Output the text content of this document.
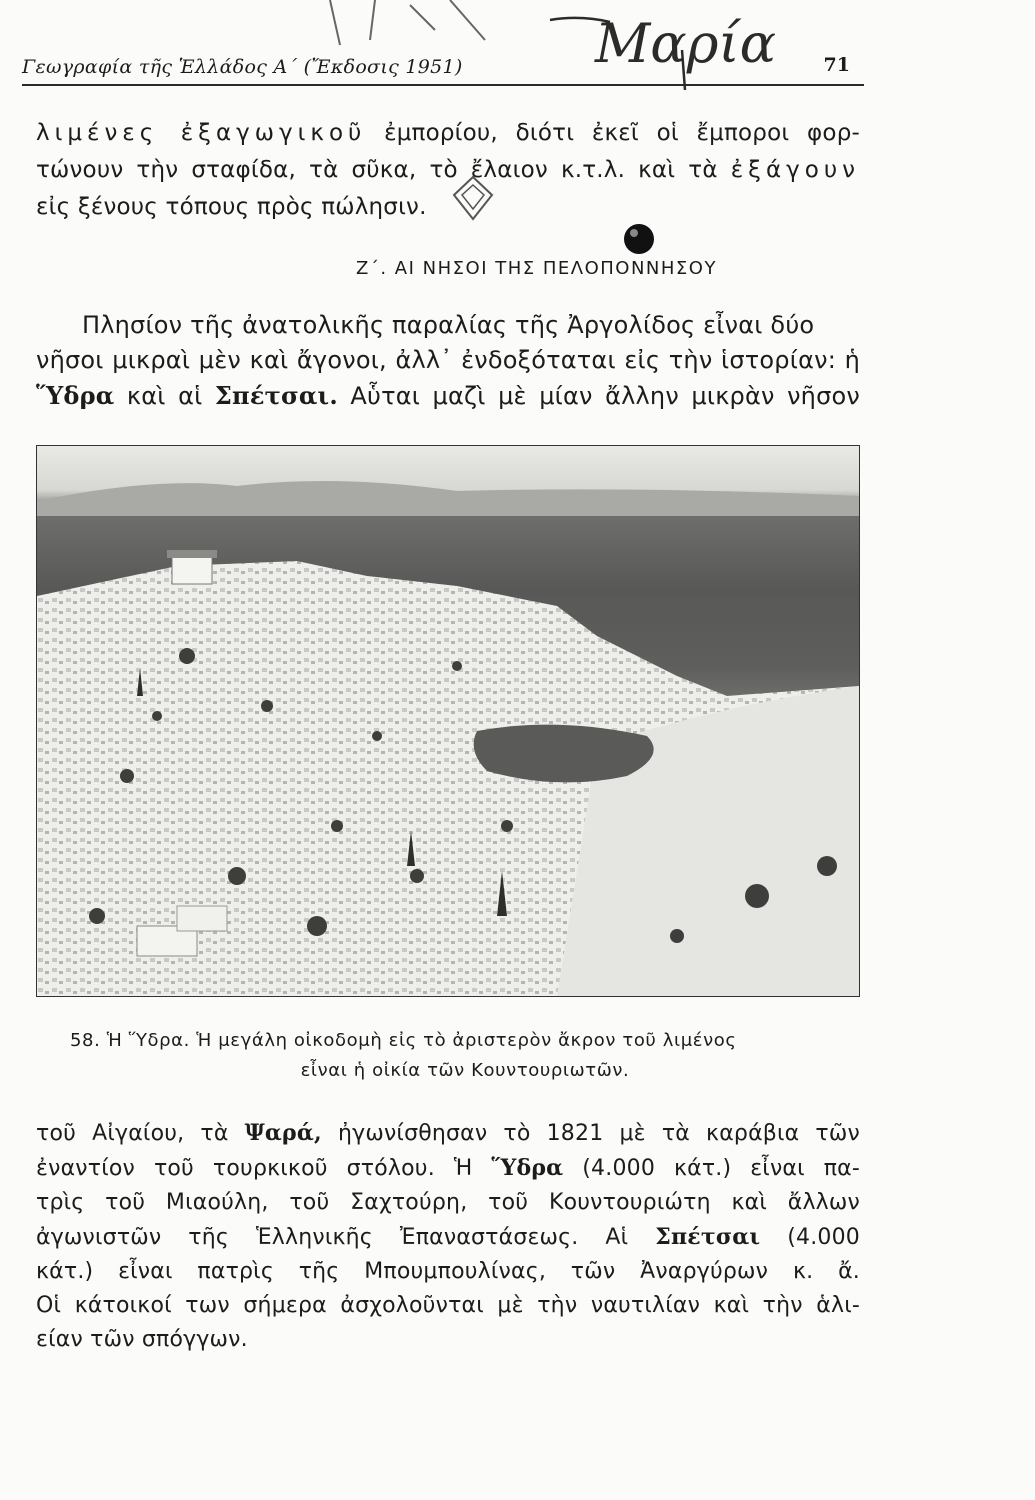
Γεωγραφία τῆς Ἑλλάδος Α΄ (Ἔκδοσις 1951)	71
Μαρία
λιμένες ἐξαγωγικοῦ ἐμπορίου, διότι ἐκεῖ οἱ ἔμποροι φορ-
τώνουν τὴν σταφίδα, τὰ σῦκα, τὸ ἔλαιον κ.τ.λ. καὶ τὰ ἐξάγουν
εἰς ξένους τόπους πρὸς πώλησιν.
Ζ΄. ΑΙ ΝΗΣΟΙ ΤΗΣ ΠΕΛΟΠΟΝΝΗΣΟΥ
Πλησίον τῆς ἀνατολικῆς παραλίας τῆς Ἀργολίδος εἶναι δύο
νῆσοι μικραὶ μὲν καὶ ἄγονοι, ἀλλ᾽ ἐνδοξόταται εἰς τὴν ἱστορίαν: ἡ
Ὕδρα καὶ αἱ Σπέτσαι. Αὗται μαζὶ μὲ μίαν ἄλλην μικρὰν νῆσον
58. Ἡ Ὕδρα. Ἡ μεγάλη οἰκοδομὴ εἰς τὸ ἀριστερὸν ἄκρον τοῦ λιμένος
εἶναι ἡ οἰκία τῶν Κουντουριωτῶν.
τοῦ Αἰγαίου, τὰ Ψαρά, ἠγωνίσθησαν τὸ 1821 μὲ τὰ καράβια τῶν
ἐναντίον τοῦ τουρκικοῦ στόλου. Ἡ Ὕδρα (4.000 κάτ.) εἶναι πα-
τρὶς τοῦ Μιαούλη, τοῦ Σαχτούρη, τοῦ Κουντουριώτη καὶ ἄλλων
ἀγωνιστῶν τῆς Ἑλληνικῆς Ἐπαναστάσεως. Αἱ Σπέτσαι (4.000
κάτ.) εἶναι πατρὶς τῆς Μπουμπουλίνας, τῶν Ἀναργύρων κ. ἄ.
Οἱ κάτοικοί των σήμερα ἀσχολοῦνται μὲ τὴν ναυτιλίαν καὶ τὴν ἁλι-
είαν τῶν σπόγγων.
